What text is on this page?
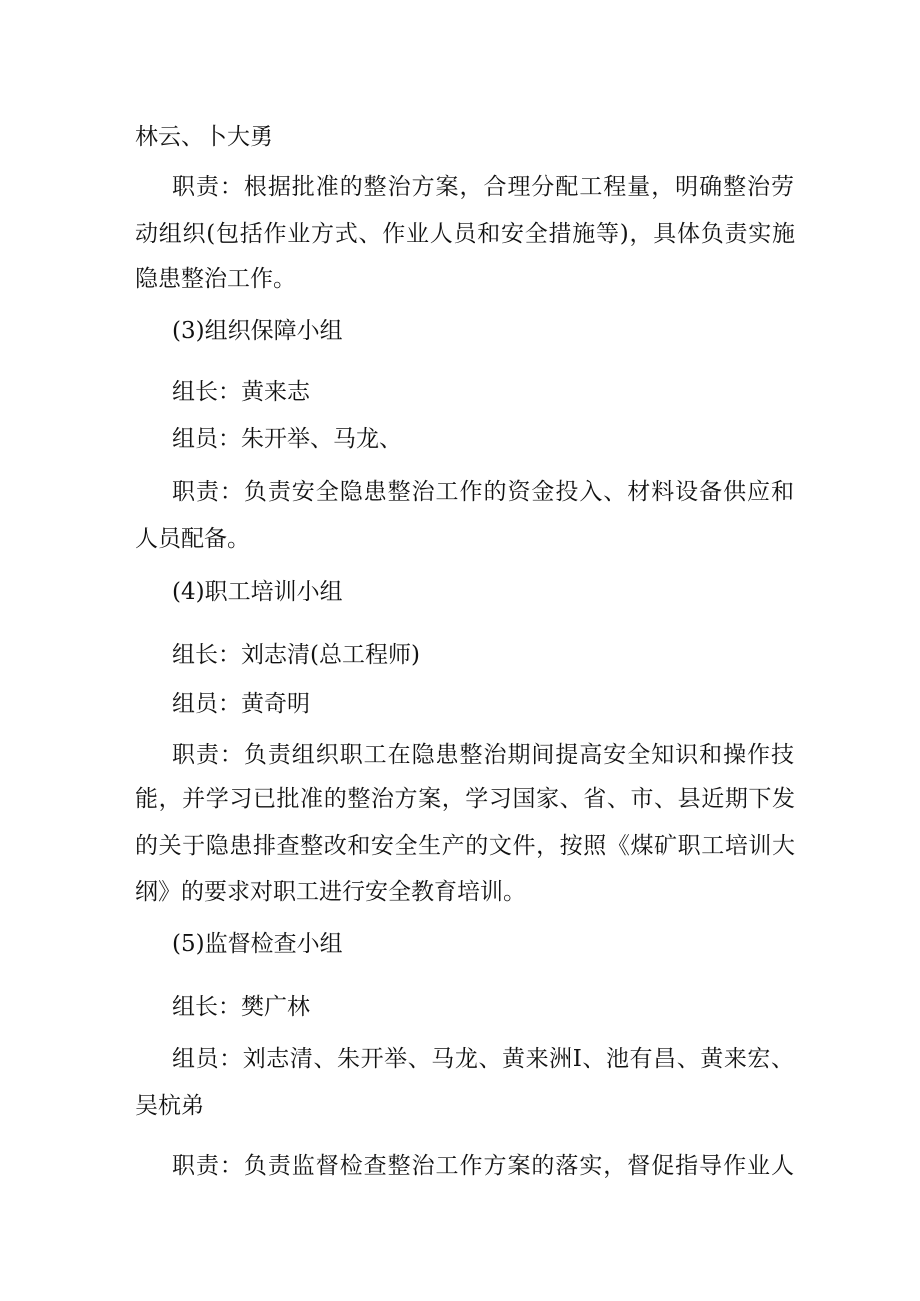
林云、卜大勇
职责：根据批准的整治方案，合理分配工程量，明确整治劳
动组织(包括作业方式、作业人员和安全措施等)，具体负责实施
隐患整治工作。
(3)组织保障小组
组长：黄来志
组员：朱开举、马龙、
职责：负责安全隐患整治工作的资金投入、材料设备供应和
人员配备。
(4)职工培训小组
组长：刘志清(总工程师)
组员：黄奇明
职责：负责组织职工在隐患整治期间提高安全知识和操作技
能，并学习已批准的整治方案，学习国家、省、市、县近期下发
的关于隐患排查整改和安全生产的文件，按照《煤矿职工培训大
纲》的要求对职工进行安全教育培训。
(5)监督检查小组
组长：樊广林
组员：刘志清、朱开举、马龙、黄来洲I、池有昌、黄来宏、
吴杭弟
职责：负责监督检查整治工作方案的落实，督促指导作业人
